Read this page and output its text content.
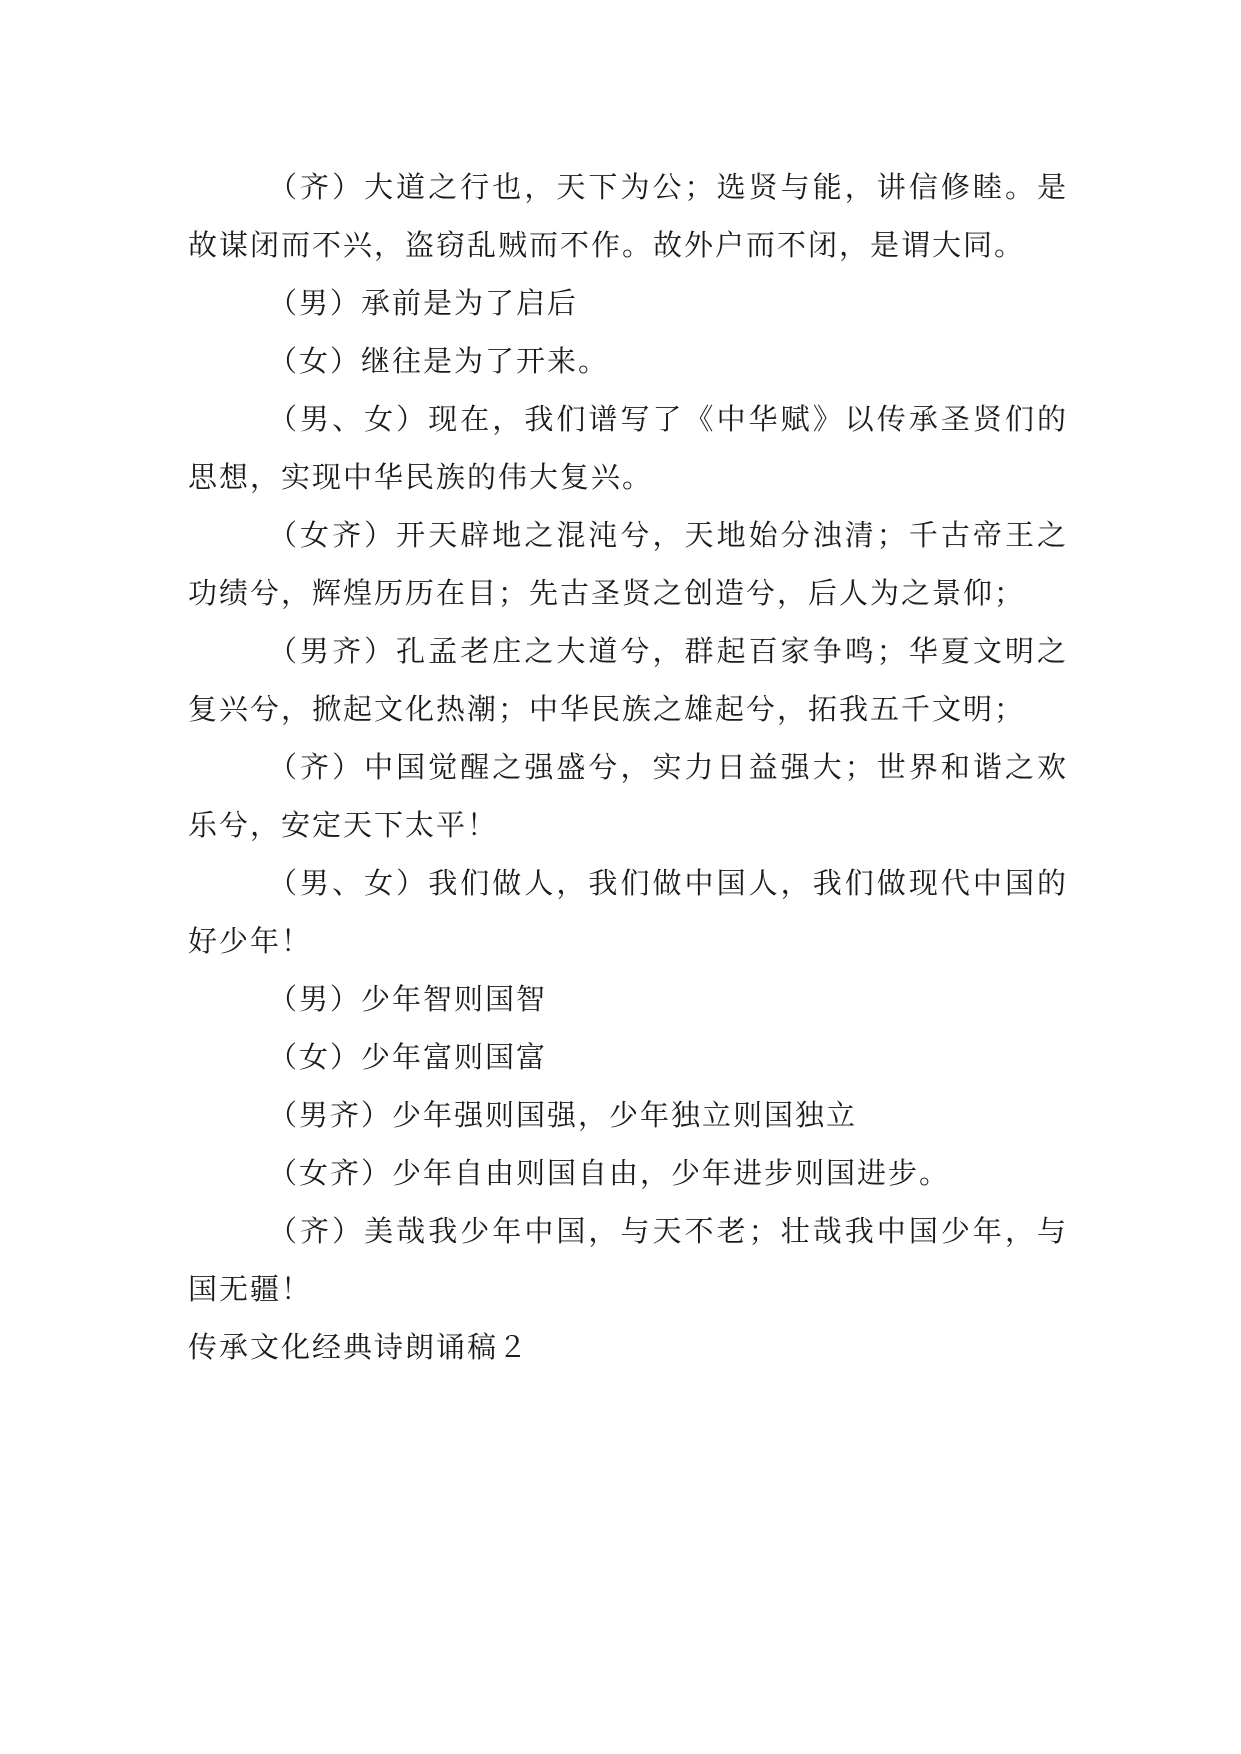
（齐）大道之行也，天下为公；选贤与能，讲信修睦。是故谋闭而不兴，盗窃乱贼而不作。故外户而不闭，是谓大同。

（男）承前是为了启后

（女）继往是为了开来。

（男、女）现在，我们谱写了《中华赋》以传承圣贤们的思想，实现中华民族的伟大复兴。

（女齐）开天辟地之混沌兮，天地始分浊清；千古帝王之功绩兮，辉煌历历在目；先古圣贤之创造兮，后人为之景仰；

（男齐）孔孟老庄之大道兮，群起百家争鸣；华夏文明之复兴兮，掀起文化热潮；中华民族之雄起兮，拓我五千文明；

（齐）中国觉醒之强盛兮，实力日益强大；世界和谐之欢乐兮，安定天下太平！

（男、女）我们做人，我们做中国人，我们做现代中国的好少年！

（男）少年智则国智

（女）少年富则国富

（男齐）少年强则国强，少年独立则国独立

（女齐）少年自由则国自由，少年进步则国进步。

（齐）美哉我少年中国，与天不老；壮哉我中国少年，与国无疆！

传承文化经典诗朗诵稿２
